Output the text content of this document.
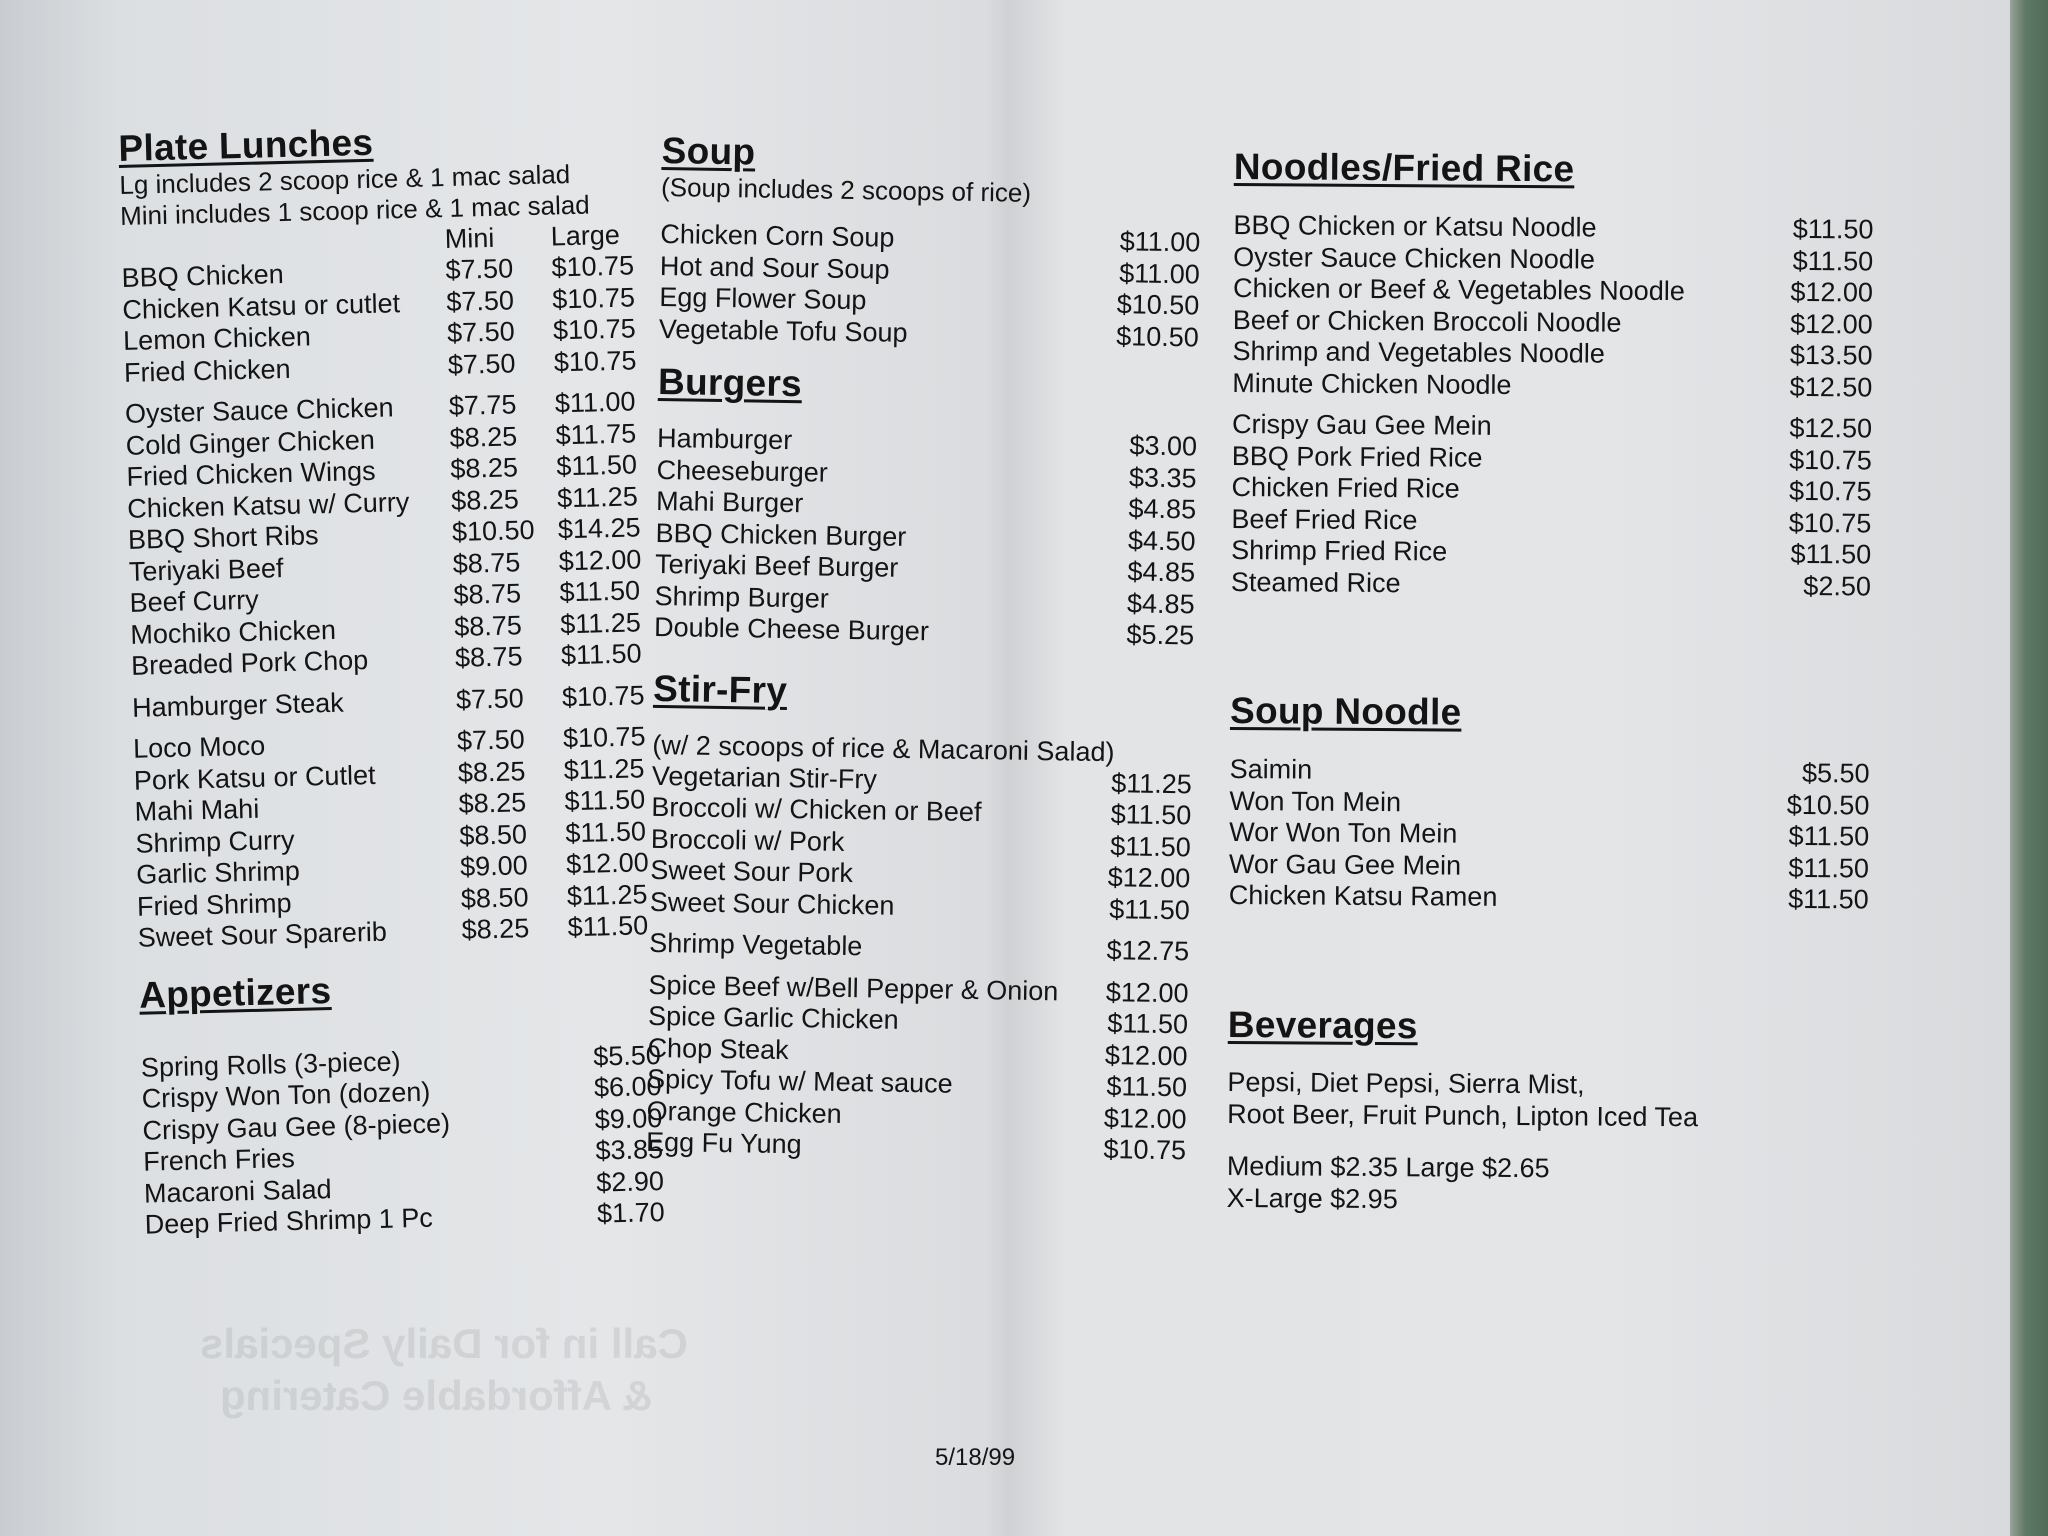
Call in for Daily Specials
& Affordable Catering
Plate Lunches
Lg includes 2 scoop rice & 1 mac salad
Mini includes 1 scoop rice & 1 mac salad
Mini	Large
BBQ Chicken	$7.50	$10.75
Chicken Katsu or cutlet	$7.50	$10.75
Lemon Chicken	$7.50	$10.75
Fried Chicken	$7.50	$10.75
Oyster Sauce Chicken	$7.75	$11.00
Cold Ginger Chicken	$8.25	$11.75
Fried Chicken Wings	$8.25	$11.50
Chicken Katsu w/ Curry	$8.25	$11.25
BBQ Short Ribs	$10.50 $14.25
Teriyaki Beef	$8.75	$12.00
Beef Curry	$8.75	$11.50
Mochiko Chicken	$8.75	$11.25
Breaded Pork Chop	$8.75	$11.50
Hamburger Steak	$7.50	$10.75
Loco Moco	$7.50	$10.75
Pork Katsu or Cutlet	$8.25	$11.25
Mahi Mahi	$8.25	$11.50
Shrimp Curry	$8.50	$11.50
Garlic Shrimp	$9.00	$12.00
Fried Shrimp	$8.50	$11.25
Sweet Sour Sparerib	$8.25	$11.50
Appetizers
Spring Rolls (3-piece)	$5.50
Crispy Won Ton (dozen)	$6.00
Crispy Gau Gee (8-piece)	$9.00
French Fries	$3.85
Macaroni Salad	$2.90
Deep Fried Shrimp 1 Pc	$1.70
Soup
(Soup includes 2 scoops of rice)
Chicken Corn Soup	$11.00
Hot and Sour Soup	$11.00
Egg Flower Soup	$10.50
Vegetable Tofu Soup	$10.50
Burgers
Hamburger	$3.00
Cheeseburger	$3.35
Mahi Burger	$4.85
BBQ Chicken Burger	$4.50
Teriyaki Beef Burger	$4.85
Shrimp Burger	$4.85
Double Cheese Burger	$5.25
Stir-Fry
(w/ 2 scoops of rice & Macaroni Salad)
Vegetarian Stir-Fry	$11.25
Broccoli w/ Chicken or Beef	$11.50
Broccoli w/ Pork	$11.50
Sweet Sour Pork	$12.00
Sweet Sour Chicken	$11.50
Shrimp Vegetable	$12.75
Spice Beef w/Bell Pepper & Onion	$12.00
Spice Garlic Chicken	$11.50
Chop Steak	$12.00
Spicy Tofu w/ Meat sauce	$11.50
Orange Chicken	$12.00
Egg Fu Yung	$10.75
Noodles/Fried Rice
BBQ Chicken or Katsu Noodle	$11.50
Oyster Sauce Chicken Noodle	$11.50
Chicken or Beef & Vegetables Noodle	$12.00
Beef or Chicken Broccoli Noodle	$12.00
Shrimp and Vegetables Noodle	$13.50
Minute Chicken Noodle	$12.50
Crispy Gau Gee Mein	$12.50
BBQ Pork Fried Rice	$10.75
Chicken Fried Rice	$10.75
Beef Fried Rice	$10.75
Shrimp Fried Rice	$11.50
Steamed Rice	$2.50
Soup Noodle
Saimin	$5.50
Won Ton Mein	$10.50
Wor Won Ton Mein	$11.50
Wor Gau Gee Mein	$11.50
Chicken Katsu Ramen	$11.50
Beverages
Pepsi, Diet Pepsi, Sierra Mist,
Root Beer, Fruit Punch, Lipton Iced Tea
Medium $2.35 Large $2.65
X-Large $2.95
5/18/99
